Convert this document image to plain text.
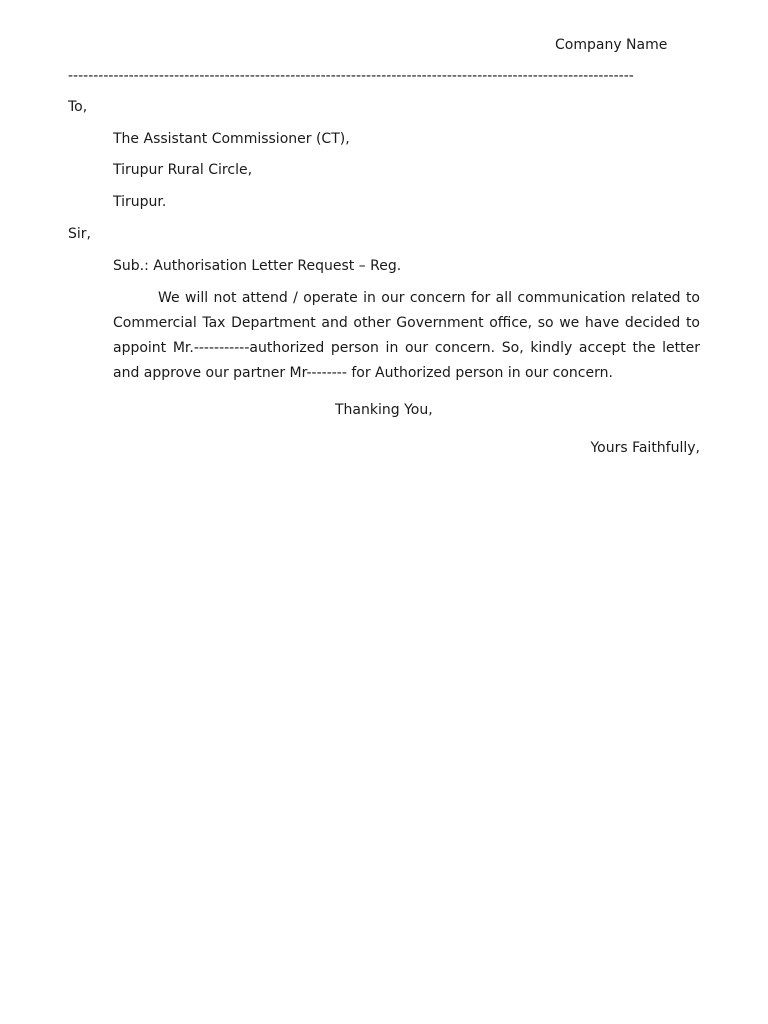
Company Name
----------------------------------------------------------------------------------------------------------------
To,
The Assistant Commissioner (CT),
Tirupur Rural Circle,
Tirupur.
Sir,
Sub.: Authorisation Letter Request – Reg.
We will not attend / operate in our concern for all communication related to Commercial Tax Department and other Government office, so we have decided to appoint Mr.-----------authorized person in our concern. So, kindly accept the letter and approve our partner Mr-------- for Authorized person in our concern.
Thanking You,
Yours Faithfully,
